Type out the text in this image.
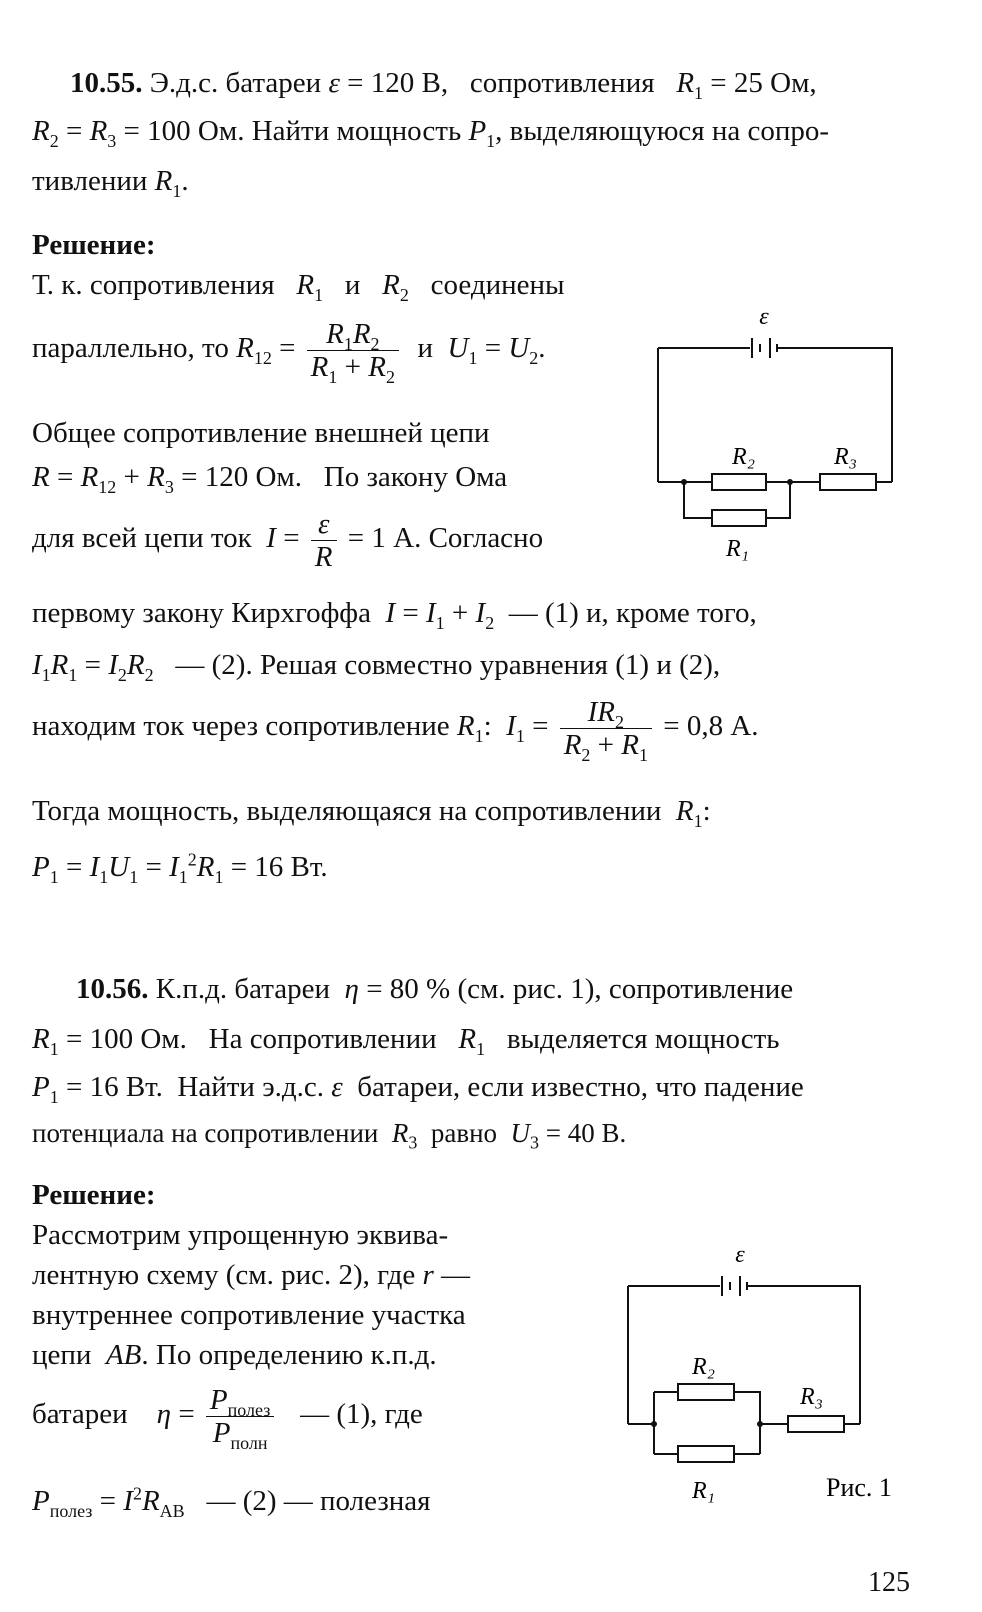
10.55. Э.д.с. батареи ε = 120 В,   сопротивления $R_1 = 25$ Ом,
$R_2 = R_3 = 100$ Ом. Найти мощность $P_1$, выделяющуюся на сопро-
тивлении $R_1$.
Решение:
Т. к. сопротивления $R_1$ и $R_2$ соединены
параллельно, то $R_{12} = \frac{R_1R_2}{R_1 + R_2}$ и $U_1 = U_2$.
Общее сопротивление внешней цепи
$R = R_{12} + R_3 = 120$ Ом.   По закону Ома
для всей цепи ток $I = \frac{\varepsilon}{R} = 1$ А. Согласно
первому закону Кирхгоффа $I = I_1 + I_2$ — (1) и, кроме того,
$I_1R_1 = I_2R_2$ — (2). Решая совместно уравнения (1) и (2),
находим ток через сопротивление $R_1$:  $I_1 = \frac{IR_2}{R_2 + R_1} = 0,8$ А.
Тогда мощность, выделяющаяся на сопротивлении $R_1$:
$P_1 = I_1U_1 = I_1^2R_1 = 16$ Вт.
ε
R₂	R₃
R₁
10.56. К.п.д. батареи η = 80 % (см. рис. 1), сопротивление
$R_1 = 100$ Ом.   На сопротивлении $R_1$ выделяется мощность
$P_1 = 16$ Вт.  Найти э.д.с. ε батареи, если известно, что падение
потенциала на сопротивлении $R_3$ равно $U_3 = 40$ В.
Решение:
Рассмотрим упрощенную эквива-
лентную схему (см. рис. 2), где r —
внутреннее сопротивление участка
цепи AB. По определению к.п.д.
батареи $\eta = \frac{P_{полез}}{P_{полн}}$ — (1), где
$P_{полез} = I^2R_{AB}$ — (2) — полезная
ε
R₂
R₃
R₁	Рис. 1
125
